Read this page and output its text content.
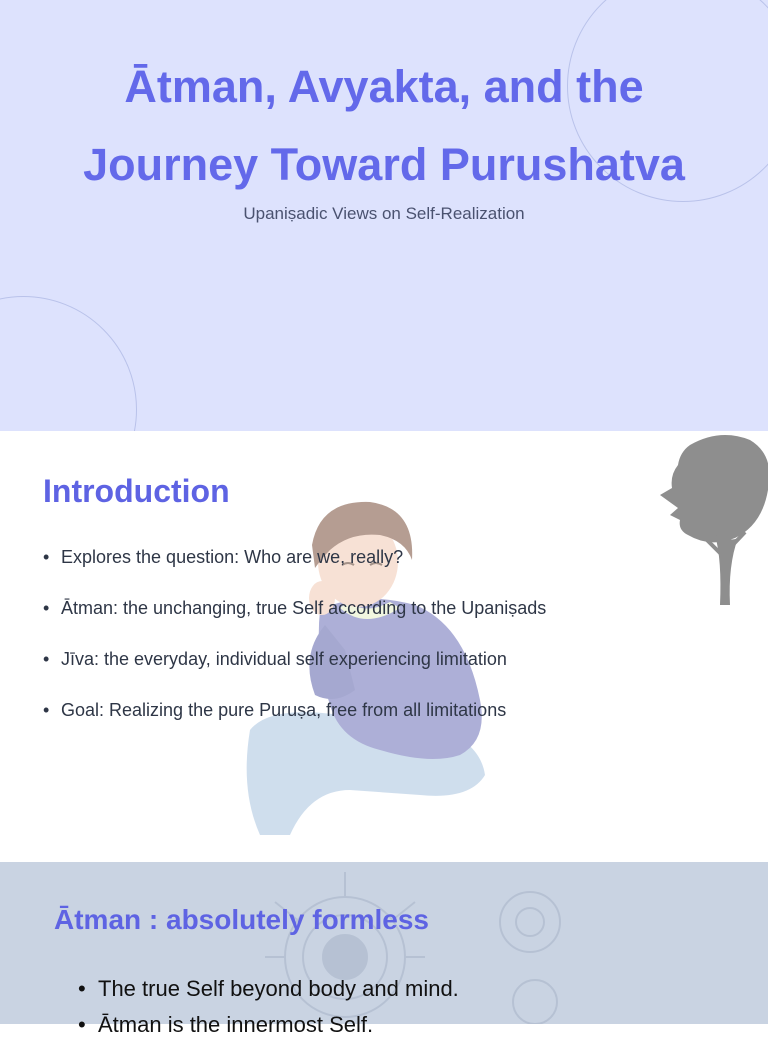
Ātman, Avyakta, and the
Journey Toward Purushatva
Upaniṣadic Views on Self-Realization
Introduction
• Explores the question: Who are we, really?
• Ātman: the unchanging, true Self according to the Upaniṣads
• Jīva: the everyday, individual self experiencing limitation
• Goal: Realizing the pure Puruṣa, free from all limitations
Ātman : absolutely formless
• The true Self beyond body and mind.
• Ātman is the innermost Self.
